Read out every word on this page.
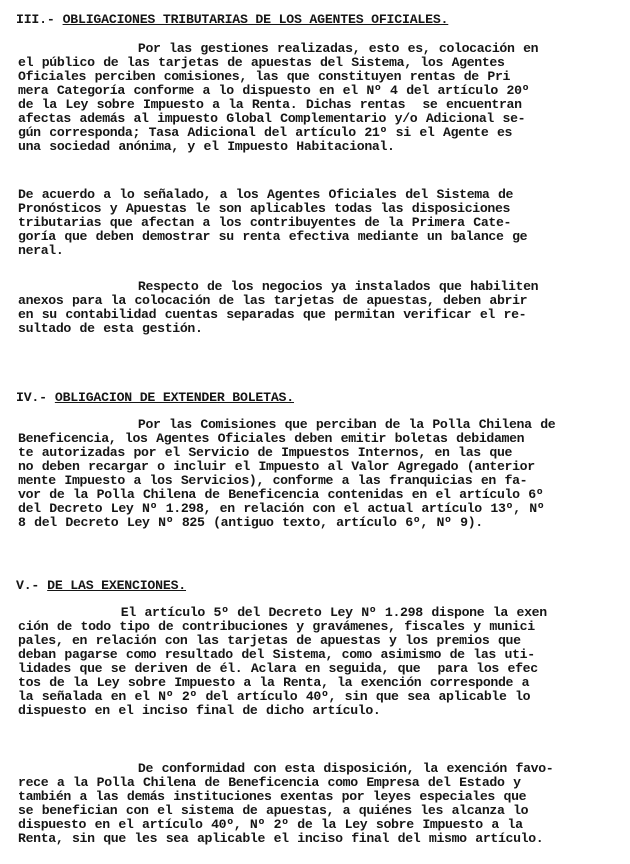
III.- OBLIGACIONES TRIBUTARIAS DE LOS AGENTES OFICIALES.
Por las gestiones realizadas, esto es, colocación en
el público de las tarjetas de apuestas del Sistema, los Agentes
Oficiales perciben comisiones, las que constituyen rentas de Pri
mera Categoría conforme a lo dispuesto en el Nº 4 del artículo 20º
de la Ley sobre Impuesto a la Renta. Dichas rentas  se encuentran
afectas además al impuesto Global Complementario y/o Adicional se-
gún corresponda; Tasa Adicional del artículo 21º si el Agente es
una sociedad anónima, y el Impuesto Habitacional.
De acuerdo a lo señalado, a los Agentes Oficiales del Sistema de
Pronósticos y Apuestas le son aplicables todas las disposiciones
tributarias que afectan a los contribuyentes de la Primera Cate-
goría que deben demostrar su renta efectiva mediante un balance ge
neral.
Respecto de los negocios ya instalados que habiliten
anexos para la colocación de las tarjetas de apuestas, deben abrir
en su contabilidad cuentas separadas que permitan verificar el re-
sultado de esta gestión.
IV.- OBLIGACION DE EXTENDER BOLETAS.
Por las Comisiones que perciban de la Polla Chilena de
Beneficencia, los Agentes Oficiales deben emitir boletas debidamen
te autorizadas por el Servicio de Impuestos Internos, en las que
no deben recargar o incluir el Impuesto al Valor Agregado (anterior
mente Impuesto a los Servicios), conforme a las franquicias en fa-
vor de la Polla Chilena de Beneficencia contenidas en el artículo 6º
del Decreto Ley Nº 1.298, en relación con el actual artículo 13º, Nº
8 del Decreto Ley Nº 825 (antiguo texto, artículo 6º, Nº 9).
V.- DE LAS EXENCIONES.
El artículo 5º del Decreto Ley Nº 1.298 dispone la exen
ción de todo tipo de contribuciones y gravámenes, fiscales y munici
pales, en relación con las tarjetas de apuestas y los premios que
deban pagarse como resultado del Sistema, como asimismo de las uti-
lidades que se deriven de él. Aclara en seguida, que  para los efec
tos de la Ley sobre Impuesto a la Renta, la exención corresponde a
la señalada en el Nº 2º del artículo 40º, sin que sea aplicable lo
dispuesto en el inciso final de dicho artículo.
De conformidad con esta disposición, la exención favo-
rece a la Polla Chilena de Beneficencia como Empresa del Estado y
también a las demás instituciones exentas por leyes especiales que
se benefician con el sistema de apuestas, a quiénes les alcanza lo
dispuesto en el artículo 40º, Nº 2º de la Ley sobre Impuesto a la
Renta, sin que les sea aplicable el inciso final del mismo artículo.
